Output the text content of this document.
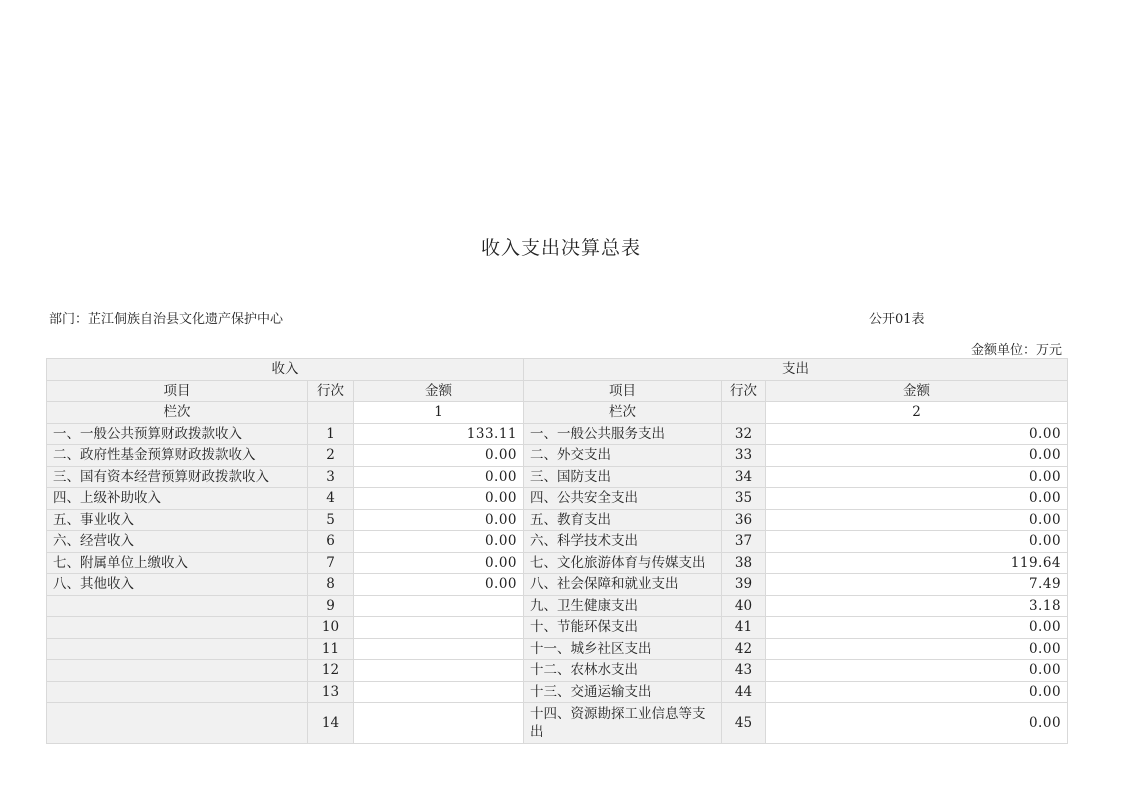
收入支出决算总表
部门：芷江侗族自治县文化遗产保护中心	公开01表
金额单位：万元
收入			支出		
项目	行次	金额	项目	行次	金额
栏次		1	栏次		2
一、一般公共预算财政拨款收入	1	133.11	一、一般公共服务支出	32	0.00
二、政府性基金预算财政拨款收入	2	0.00	二、外交支出	33	0.00
三、国有资本经营预算财政拨款收入	3	0.00	三、国防支出	34	0.00
四、上级补助收入	4	0.00	四、公共安全支出	35	0.00
五、事业收入	5	0.00	五、教育支出	36	0.00
六、经营收入	6	0.00	六、科学技术支出	37	0.00
七、附属单位上缴收入	7	0.00	七、文化旅游体育与传媒支出	38	119.64
八、其他收入	8	0.00	八、社会保障和就业支出	39	7.49
	9		九、卫生健康支出	40	3.18
	10		十、节能环保支出	41	0.00
	11		十一、城乡社区支出	42	0.00
	12		十二、农林水支出	43	0.00
	13		十三、交通运输支出	44	0.00
	14		十四、资源勘探工业信息等支出	45	0.00
